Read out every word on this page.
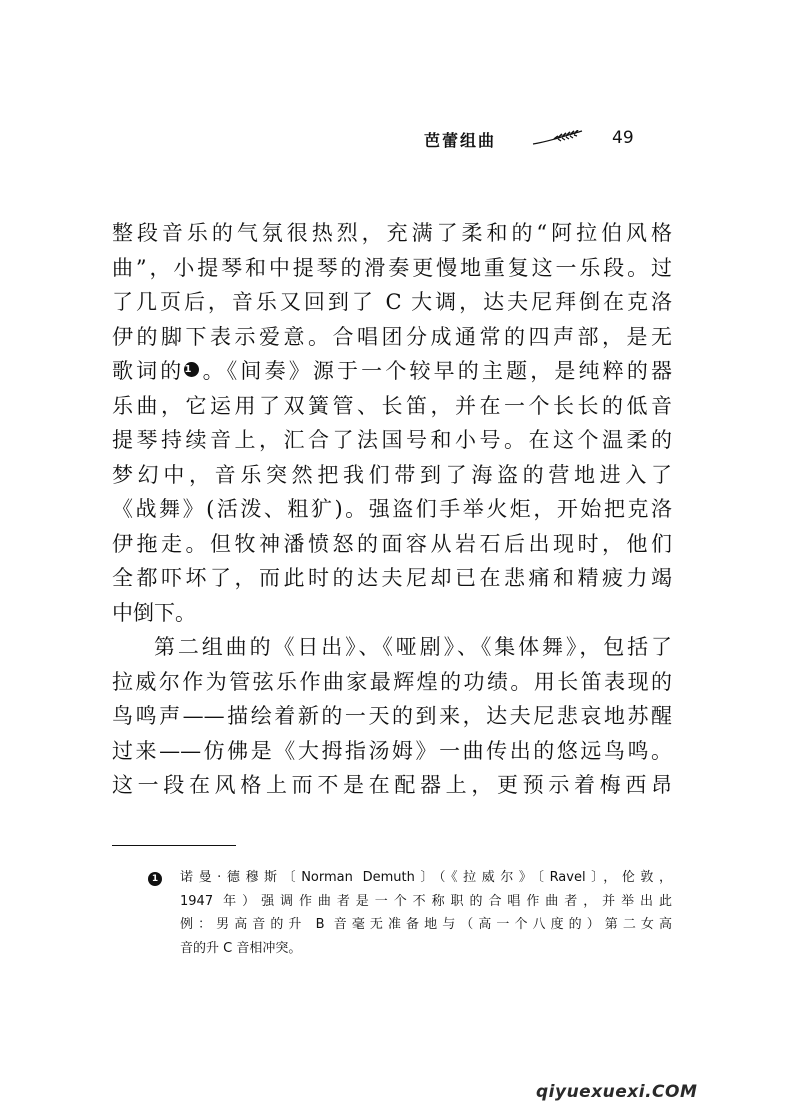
芭蕾组曲	49
整段音乐的气氛很热烈，充满了柔和的“阿拉伯风格
曲”，小提琴和中提琴的滑奏更慢地重复这一乐段。过
了几页后，音乐又回到了 C 大调，达夫尼拜倒在克洛
伊的脚下表示爱意。合唱团分成通常的四声部，是无
歌词的1 。《间奏》源于一个较早的主题，是纯粹的器
乐曲，它运用了双簧管、长笛，并在一个长长的低音
提琴持续音上，汇合了法国号和小号。在这个温柔的
梦幻中，音乐突然把我们带到了海盗的营地进入了
《战舞》(活泼、粗犷)。强盗们手举火炬，开始把克洛
伊拖走。但牧神潘愤怒的面容从岩石后出现时，他们
全都吓坏了，而此时的达夫尼却已在悲痛和精疲力竭
中倒下。
第二组曲的《日出》、《哑剧》、《集体舞》，包括了
拉威尔作为管弦乐作曲家最辉煌的功绩。用长笛表现的
鸟鸣声——描绘着新的一天的到来，达夫尼悲哀地苏醒
过来——仿佛是《大拇指汤姆》一曲传出的悠远鸟鸣。
这一段在风格上而不是在配器上，更预示着梅西昂
1 诺曼·德穆斯〔Norman Demuth〕（《拉威尔》〔Ravel〕，伦敦，
1947 年）强调作曲者是一个不称职的合唱作曲者，并举出此
例：男高音的升 B 音毫无准备地与（高一个八度的）第二女高
音的升 C 音相冲突。
qiyuexuexi.COM
